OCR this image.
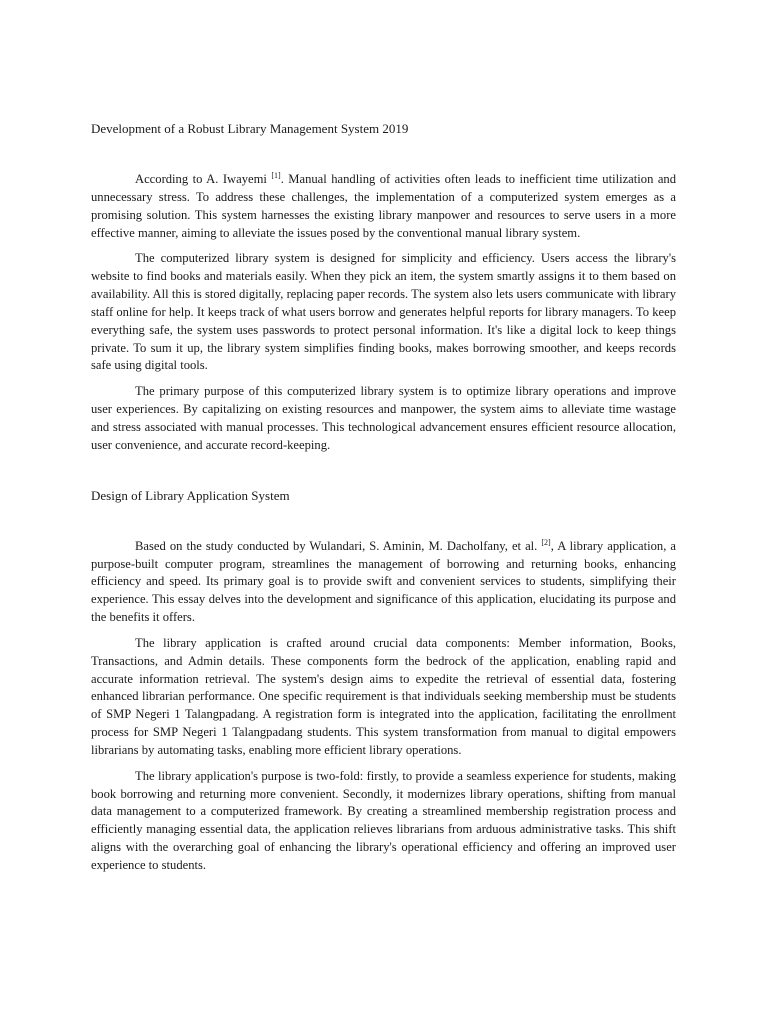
Development of a Robust Library Management System 2019

According to A. Iwayemi [1]. Manual handling of activities often leads to inefficient time utilization and unnecessary stress. To address these challenges, the implementation of a computerized system emerges as a promising solution. This system harnesses the existing library manpower and resources to serve users in a more effective manner, aiming to alleviate the issues posed by the conventional manual library system.

The computerized library system is designed for simplicity and efficiency. Users access the library's website to find books and materials easily. When they pick an item, the system smartly assigns it to them based on availability. All this is stored digitally, replacing paper records. The system also lets users communicate with library staff online for help. It keeps track of what users borrow and generates helpful reports for library managers. To keep everything safe, the system uses passwords to protect personal information. It's like a digital lock to keep things private. To sum it up, the library system simplifies finding books, makes borrowing smoother, and keeps records safe using digital tools.

The primary purpose of this computerized library system is to optimize library operations and improve user experiences. By capitalizing on existing resources and manpower, the system aims to alleviate time wastage and stress associated with manual processes. This technological advancement ensures efficient resource allocation, user convenience, and accurate record-keeping.

Design of Library Application System

Based on the study conducted by Wulandari, S. Aminin, M. Dacholfany, et al. [2], A library application, a purpose-built computer program, streamlines the management of borrowing and returning books, enhancing efficiency and speed. Its primary goal is to provide swift and convenient services to students, simplifying their experience. This essay delves into the development and significance of this application, elucidating its purpose and the benefits it offers.

The library application is crafted around crucial data components: Member information, Books, Transactions, and Admin details. These components form the bedrock of the application, enabling rapid and accurate information retrieval. The system's design aims to expedite the retrieval of essential data, fostering enhanced librarian performance. One specific requirement is that individuals seeking membership must be students of SMP Negeri 1 Talangpadang. A registration form is integrated into the application, facilitating the enrollment process for SMP Negeri 1 Talangpadang students. This system transformation from manual to digital empowers librarians by automating tasks, enabling more efficient library operations.

The library application's purpose is two-fold: firstly, to provide a seamless experience for students, making book borrowing and returning more convenient. Secondly, it modernizes library operations, shifting from manual data management to a computerized framework. By creating a streamlined membership registration process and efficiently managing essential data, the application relieves librarians from arduous administrative tasks. This shift aligns with the overarching goal of enhancing the library's operational efficiency and offering an improved user experience to students.
